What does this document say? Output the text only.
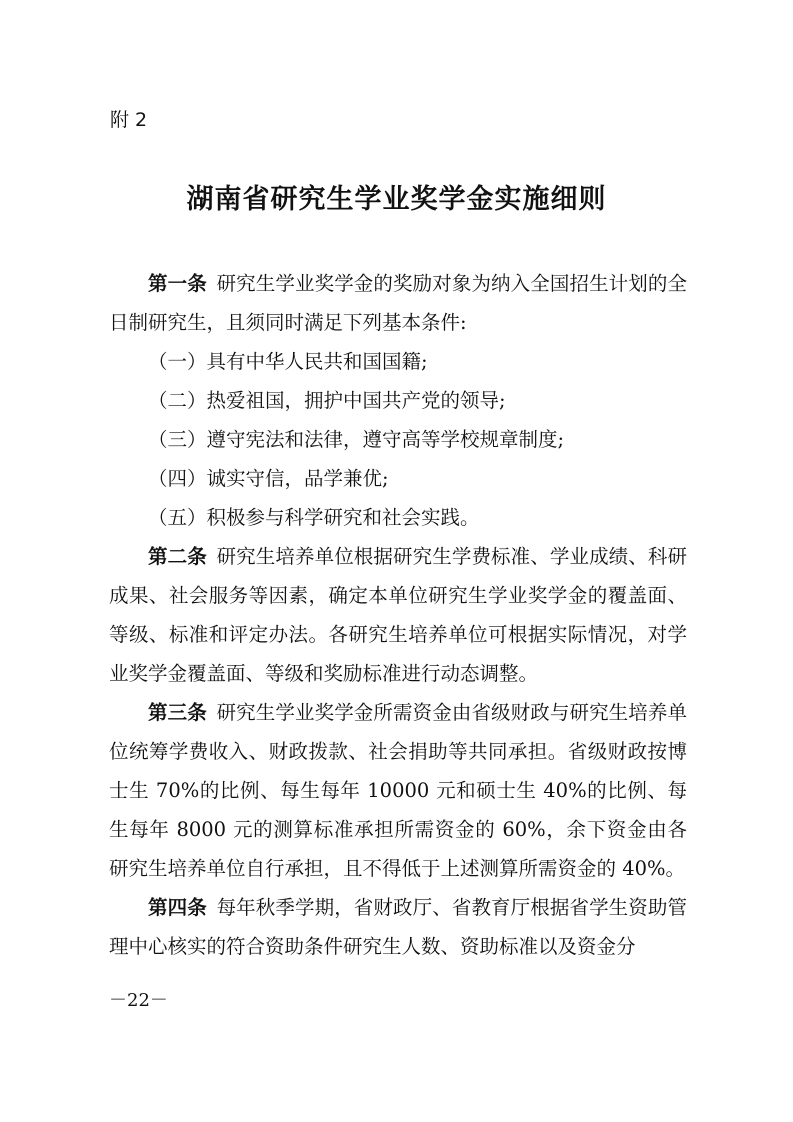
附 2
湖南省研究生学业奖学金实施细则

第一条 研究生学业奖学金的奖励对象为纳入全国招生计划的全日制研究生，且须同时满足下列基本条件:

（一）具有中华人民共和国国籍;

（二）热爱祖国，拥护中国共产党的领导;

（三）遵守宪法和法律，遵守高等学校规章制度;

（四）诚实守信，品学兼优;

（五）积极参与科学研究和社会实践。

第二条 研究生培养单位根据研究生学费标准、学业成绩、科研成果、社会服务等因素，确定本单位研究生学业奖学金的覆盖面、等级、标准和评定办法。各研究生培养单位可根据实际情况，对学业奖学金覆盖面、等级和奖励标准进行动态调整。

第三条 研究生学业奖学金所需资金由省级财政与研究生培养单位统筹学费收入、财政拨款、社会捐助等共同承担。省级财政按博士生 70%的比例、每生每年 10000 元和硕士生 40%的比例、每生每年 8000 元的测算标准承担所需资金的 60%，余下资金由各研究生培养单位自行承担，且不得低于上述测算所需资金的 40%。

第四条 每年秋季学期，省财政厅、省教育厅根据省学生资助管理中心核实的符合资助条件研究生人数、资助标准以及资金分

－22－
